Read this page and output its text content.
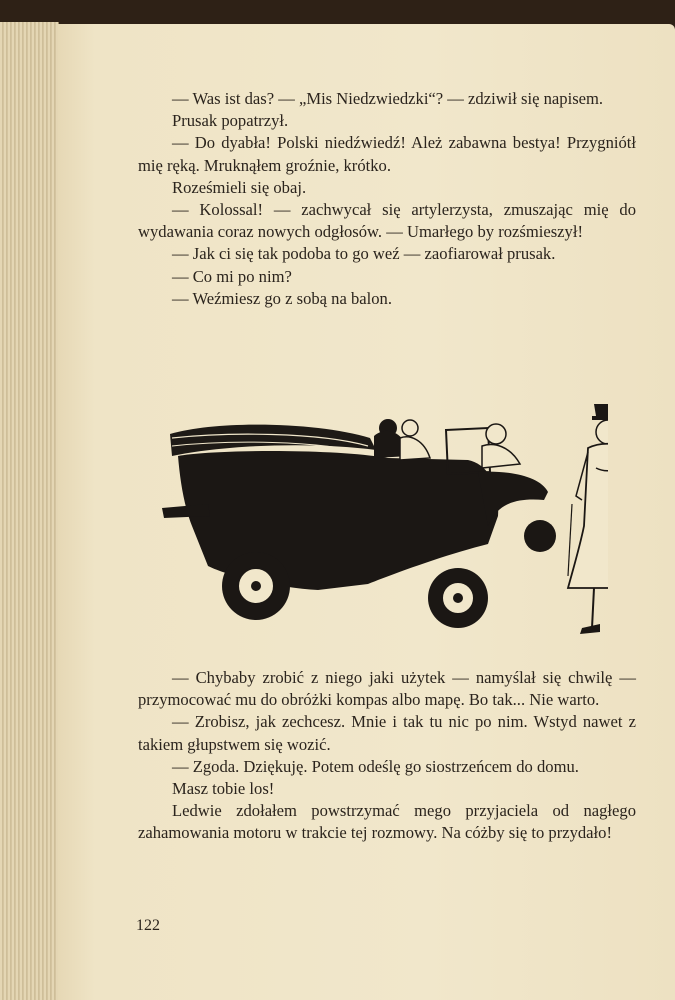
— Was ist das? — „Mis Niedzwiedzki“? — zdziwił się napisem.

Prusak popatrzył.

— Do dyabła! Polski niedźwiedź! Ależ zabawna bestya! Przygniótł mię ręką. Mruknąłem groźnie, krótko.

Roześmieli się obaj.

— Kolossal! — zachwycał się artylerzysta, zmuszając mię do wydawania coraz nowych odgłosów. — Umarłego by rozśmieszył!

— Jak ci się tak podoba to go weź — zaofiarował prusak.

— Co mi po nim?

— Weźmiesz go z sobą na balon.

— Chybaby zrobić z niego jaki użytek — namyślał się chwilę — przymocować mu do obróżki kompas albo mapę. Bo tak... Nie warto.

— Zrobisz, jak zechcesz. Mnie i tak tu nic po nim. Wstyd nawet z takiem głupstwem się wozić.

— Zgoda. Dziękuję. Potem odeślę go siostrzeńcem do domu.

Masz tobie los!

Ledwie zdołałem powstrzymać mego przyjaciela od nagłego zahamowania motoru w trakcie tej rozmowy. Na cóżby się to przydało!

122
